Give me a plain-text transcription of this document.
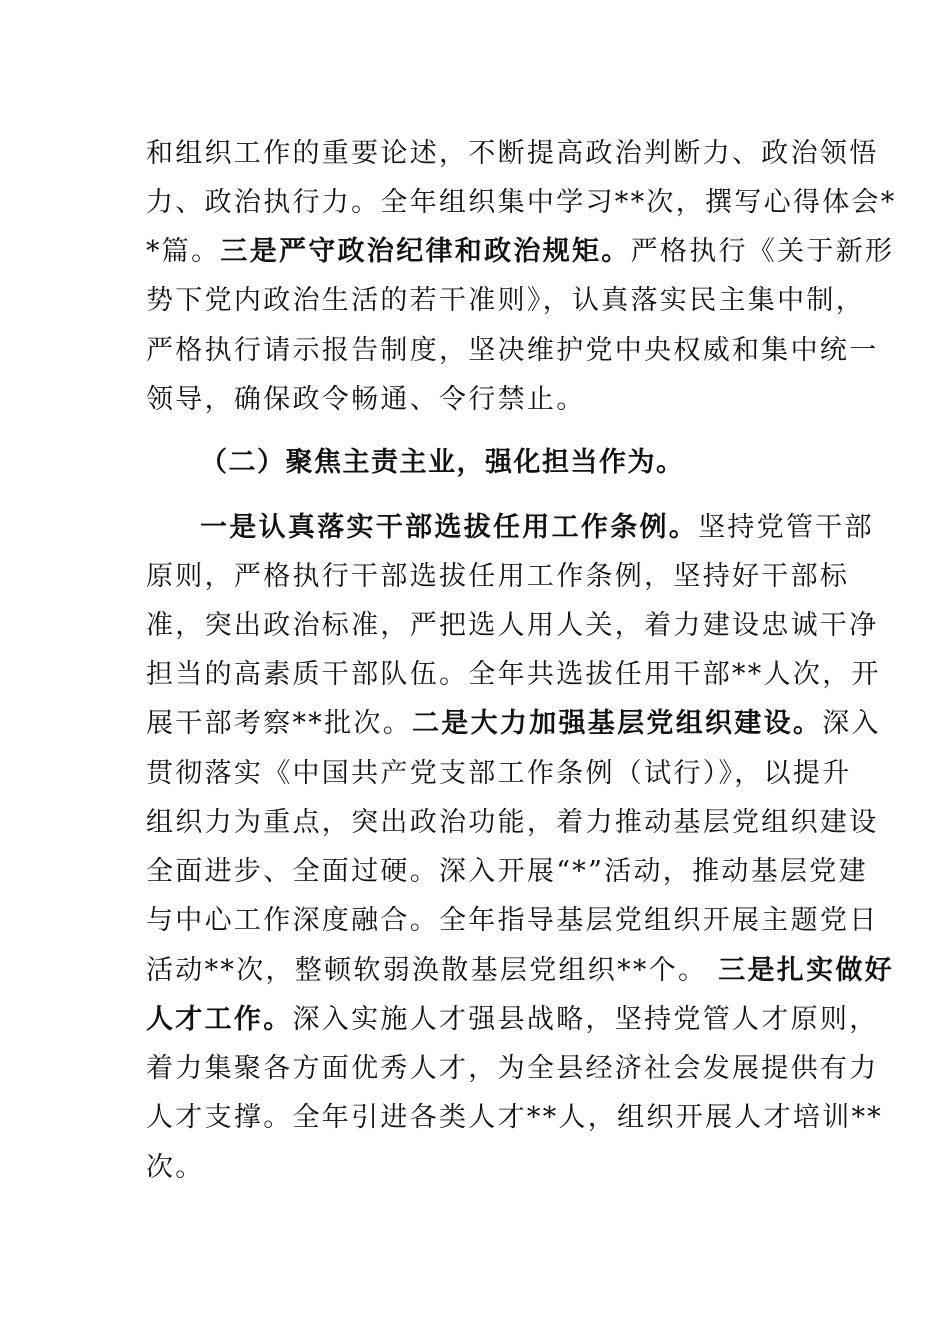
和组织工作的重要论述，不断提高政治判断力、政治领悟
力、政治执行力。全年组织集中学习**次，撰写心得体会*
*篇。三是严守政治纪律和政治规矩。严格执行《关于新形
势下党内政治生活的若干准则》，认真落实民主集中制，
严格执行请示报告制度，坚决维护党中央权威和集中统一
领导，确保政令畅通、令行禁止。
（二）聚焦主责主业，强化担当作为。
一是认真落实干部选拔任用工作条例。坚持党管干部
原则，严格执行干部选拔任用工作条例，坚持好干部标
准，突出政治标准，严把选人用人关，着力建设忠诚干净
担当的高素质干部队伍。全年共选拔任用干部**人次，开
展干部考察**批次。二是大力加强基层党组织建设。深入
贯彻落实《中国共产党支部工作条例（试行）》，以提升
组织力为重点，突出政治功能，着力推动基层党组织建设
全面进步、全面过硬。深入开展“*”活动，推动基层党建
与中心工作深度融合。全年指导基层党组织开展主题党日
活动**次，整顿软弱涣散基层党组织**个。 三是扎实做好
人才工作。深入实施人才强县战略，坚持党管人才原则，
着力集聚各方面优秀人才，为全县经济社会发展提供有力
人才支撑。全年引进各类人才**人，组织开展人才培训**
次。
